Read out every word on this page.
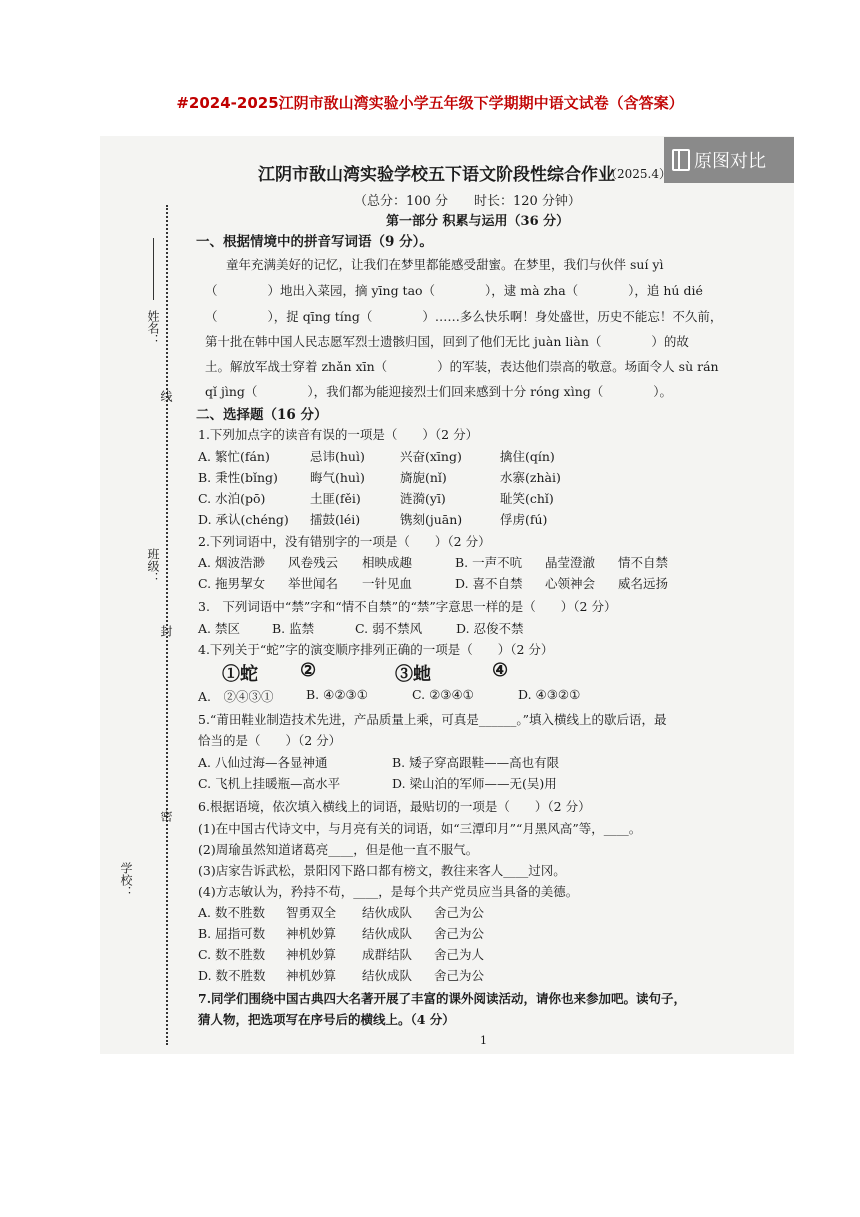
#2024-2025江阴市敔山湾实验小学五年级下学期期中语文试卷（含答案）
原图对比
姓名：
线
班级：
封
密
学校：
江阴市敔山湾实验学校五下语文阶段性综合作业
（2025.4）
（总分：100 分　　时长：120 分钟）
第一部分 积累与运用（36 分）
一、根据情境中的拼音写词语（9 分）。
童年充满美好的记忆，让我们在梦里都能感受甜蜜。在梦里，我们与伙伴 suí yì
（　　　　）地出入菜园，摘 yīng tao（　　　　），逮 mà zha（　　　　），追 hú dié
（　　　　），捉 qīng tíng（　　　　）……多么快乐啊！身处盛世，历史不能忘！不久前，
第十批在韩中国人民志愿军烈士遗骸归国，回到了他们无比 juàn liàn（　　　　）的故
土。解放军战士穿着 zhǎn xīn（　　　　）的军装，表达他们崇高的敬意。场面令人 sù rán
qǐ jìng（　　　　），我们都为能迎接烈士们回来感到十分 róng xìng（　　　　）。
二、选择题（16 分）
1.下列加点字的读音有误的一项是（　　）（2 分）
A. 繁忙(fán)	忌讳(huì)	兴奋(xīng)	擒住(qín)
B. 秉性(bǐng)	晦气(huì)	旖旎(nǐ)	水寨(zhài)
C. 水泊(pō)	土匪(fěi)	涟漪(yī)	耻笑(chǐ)
D. 承认(chéng) 擂鼓(léi)	镌刻(juān)	俘虏(fú)
2.下列词语中，没有错别字的一项是（　　）（2 分）
A. 烟波浩渺 风卷残云 相映成趣	B. 一声不吭 晶莹澄澈 情不自禁
C. 拖男挈女 举世闻名 一针见血	D. 喜不自禁 心领神会 威名远扬
3.　下列词语中“禁”字和“情不自禁”的“禁”字意思一样的是（　　）（2 分）
A. 禁区	B. 监禁	C. 弱不禁风	D. 忍俊不禁
4.下列关于“蛇”字的演变顺序排列正确的一项是（　　）（2 分）
①蛇 ②	③虵	④
A.　②④③①	B. ④②③①	C. ②③④①	D. ④③②①
5.“莆田鞋业制造技术先进，产品质量上乘，可真是______。”填入横线上的歇后语，最
恰当的是（　　）（2 分）
A. 八仙过海—各显神通	B. 矮子穿高跟鞋——高也有限
C. 飞机上挂暖瓶—高水平	D. 梁山泊的军师——无(吴)用
6.根据语境，依次填入横线上的词语，最贴切的一项是（　　）（2 分）
(1)在中国古代诗文中，与月亮有关的词语，如“三潭印月”“月黑风高”等，____。
(2)周瑜虽然知道诸葛亮____，但是他一直不服气。
(3)店家告诉武松，景阳冈下路口都有榜文，教往来客人____过冈。
(4)方志敏认为，矜持不苟，____，是每个共产党员应当具备的美德。
A. 数不胜数 智勇双全 结伙成队 舍己为公
B. 屈指可数 神机妙算 结伙成队 舍己为公
C. 数不胜数 神机妙算 成群结队 舍己为人
D. 数不胜数 神机妙算 结伙成队 舍己为公
7.同学们围绕中国古典四大名著开展了丰富的课外阅读活动，请你也来参加吧。读句子，
猜人物，把选项写在序号后的横线上。（4 分）
1
